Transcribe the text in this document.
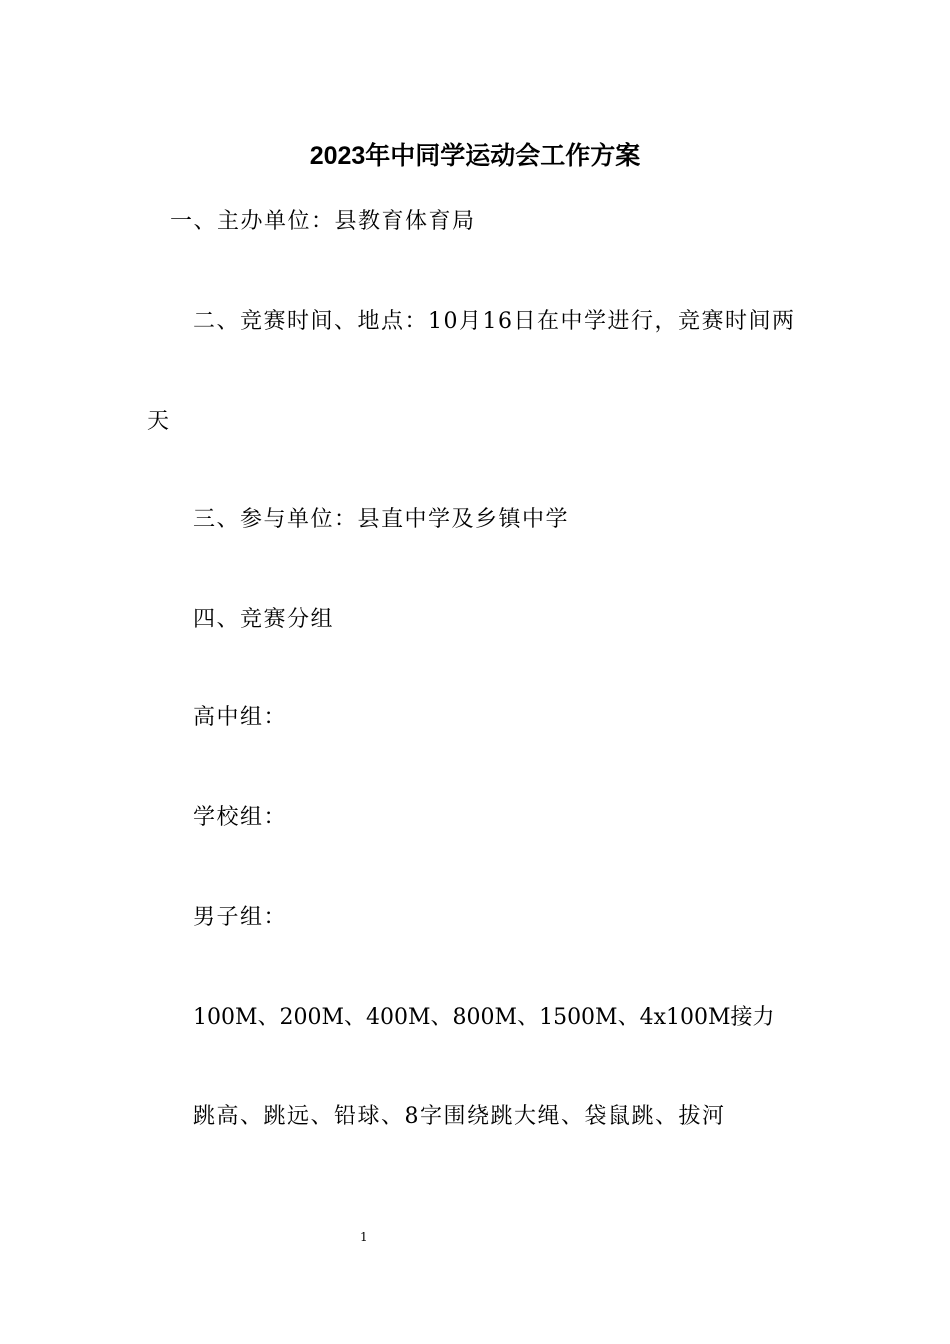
2023年中同学运动会工作方案
一、主办单位：县教育体育局
二、竞赛时间、地点：10月16日在中学进行，竞赛时间两
天
三、参与单位：县直中学及乡镇中学
四、竞赛分组
高中组：
学校组：
男子组：
100M、200M、400M、800M、1500M、4x100M接力
跳高、跳远、铅球、8字围绕跳大绳、袋鼠跳、拔河
1
